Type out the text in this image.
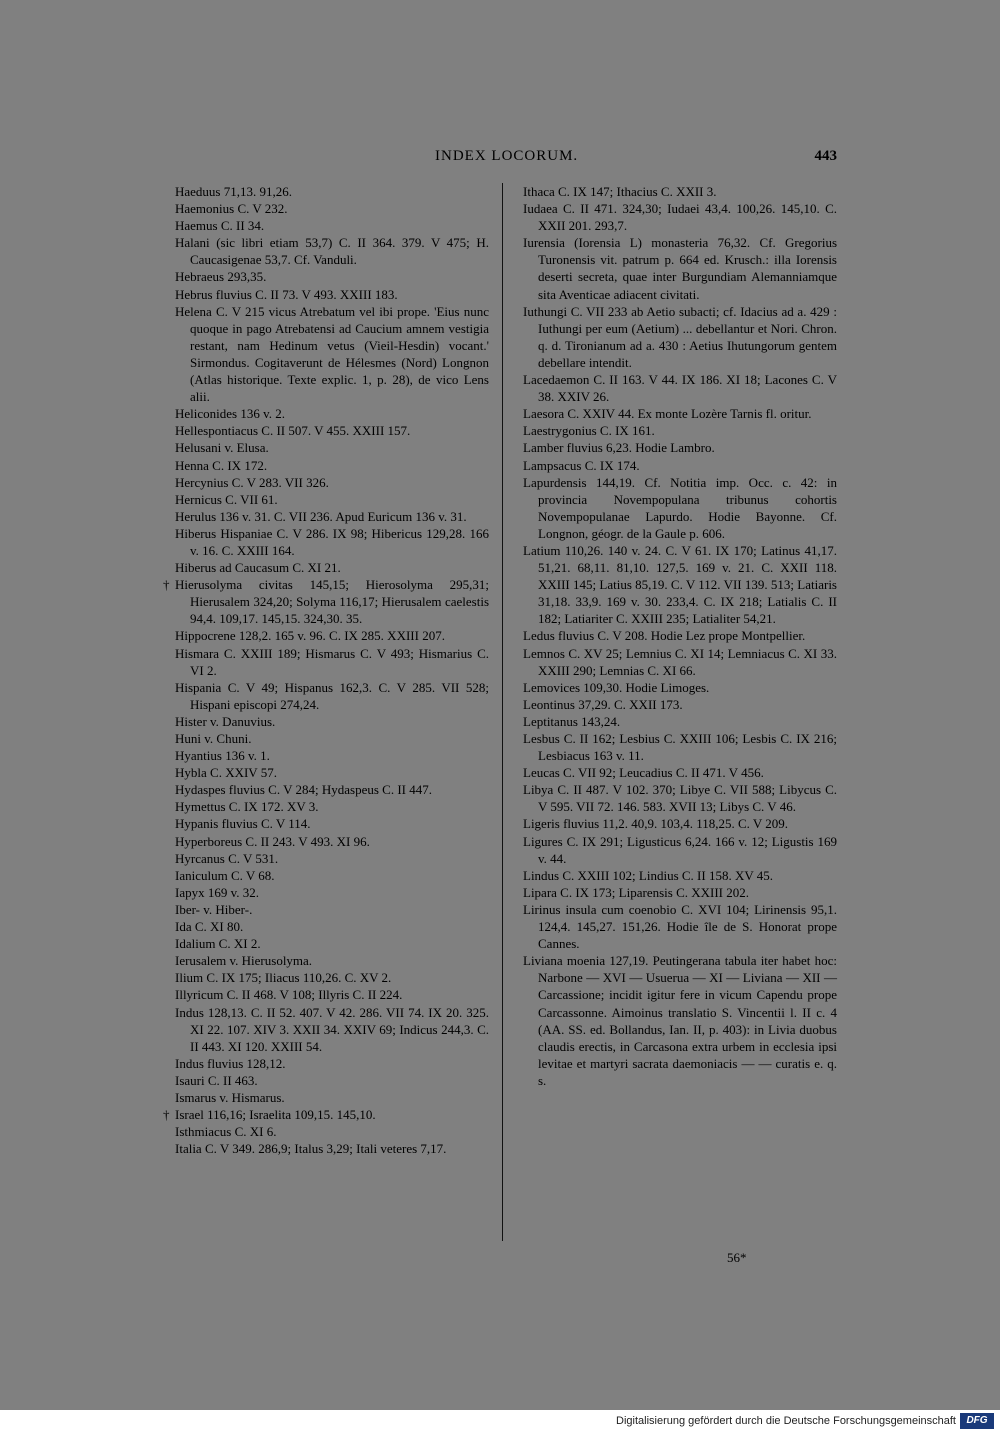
INDEX LOCORUM.	443

Haeduus 71,13. 91,26.

Haemonius C. V 232.

Haemus C. II 34.

Halani (sic libri etiam 53,7) C. II 364. 379. V 475; H. Caucasigenae 53,7. Cf. Vanduli.

Hebraeus 293,35.

Hebrus fluvius C. II 73. V 493. XXIII 183.

Helena C. V 215 vicus Atrebatum vel ibi prope. 'Eius nunc quoque in pago Atrebatensi ad Caucium amnem vestigia restant, nam Hedinum vetus (Vieil-Hesdin) vocant.' Sirmondus. Cogitaverunt de Hélesmes (Nord) Longnon (Atlas historique. Texte explic. 1, p. 28), de vico Lens alii.

Heliconides 136 v. 2.

Hellespontiacus C. II 507. V 455. XXIII 157.

Helusani v. Elusa.

Henna C. IX 172.

Hercynius C. V 283. VII 326.

Hernicus C. VII 61.

Herulus 136 v. 31. C. VII 236. Apud Euricum 136 v. 31.

Hiberus Hispaniae C. V 286. IX 98; Hibericus 129,28. 166 v. 16. C. XXIII 164.

Hiberus ad Caucasum C. XI 21.

† Hierusolyma civitas 145,15; Hierosolyma 295,31; Hierusalem 324,20; Solyma 116,17; Hierusalem caelestis 94,4. 109,17. 145,15. 324,30. 35.

Hippocrene 128,2. 165 v. 96. C. IX 285. XXIII 207.

Hismara C. XXIII 189; Hismarus C. V 493; Hismarius C. VI 2.

Hispania C. V 49; Hispanus 162,3. C. V 285. VII 528; Hispani episcopi 274,24.

Hister v. Danuvius.

Huni v. Chuni.

Hyantius 136 v. 1.

Hybla C. XXIV 57.

Hydaspes fluvius C. V 284; Hydaspeus C. II 447.

Hymettus C. IX 172. XV 3.

Hypanis fluvius C. V 114.

Hyperboreus C. II 243. V 493. XI 96.

Hyrcanus C. V 531.

Ianiculum C. V 68.

Iapyx 169 v. 32.

Iber- v. Hiber-.

Ida C. XI 80.

Idalium C. XI 2.

Ierusalem v. Hierusolyma.

Ilium C. IX 175; Iliacus 110,26. C. XV 2.

Illyricum C. II 468. V 108; Illyris C. II 224.

Indus 128,13. C. II 52. 407. V 42. 286. VII 74. IX 20. 325. XI 22. 107. XIV 3. XXII 34. XXIV 69; Indicus 244,3. C. II 443. XI 120. XXIII 54.

Indus fluvius 128,12.

Isauri C. II 463.

Ismarus v. Hismarus.

† Israel 116,16; Israelita 109,15. 145,10.

Isthmiacus C. XI 6.

Italia C. V 349. 286,9; Italus 3,29; Itali veteres 7,17.

Ithaca C. IX 147; Ithacius C. XXII 3.

Iudaea C. II 471. 324,30; Iudaei 43,4. 100,26. 145,10. C. XXII 201. 293,7.

Iurensia (Iorensia L) monasteria 76,32. Cf. Gregorius Turonensis vit. patrum p. 664 ed. Krusch.: illa Iorensis deserti secreta, quae inter Burgundiam Alemanniamque sita Aventicae adiacent civitati.

Iuthungi C. VII 233 ab Aetio subacti; cf. Idacius ad a. 429 : Iuthungi per eum (Aetium) ... debellantur et Nori. Chron. q. d. Tironianum ad a. 430 : Aetius Ihutungorum gentem debellare intendit.

Lacedaemon C. II 163. V 44. IX 186. XI 18; Lacones C. V 38. XXIV 26.

Laesora C. XXIV 44. Ex monte Lozère Tarnis fl. oritur.

Laestrygonius C. IX 161.

Lamber fluvius 6,23. Hodie Lambro.

Lampsacus C. IX 174.

Lapurdensis 144,19. Cf. Notitia imp. Occ. c. 42: in provincia Novempopulana tribunus cohortis Novempopulanae Lapurdo. Hodie Bayonne. Cf. Longnon, géogr. de la Gaule p. 606.

Latium 110,26. 140 v. 24. C. V 61. IX 170; Latinus 41,17. 51,21. 68,11. 81,10. 127,5. 169 v. 21. C. XXII 118. XXIII 145; Latius 85,19. C. V 112. VII 139. 513; Latiaris 31,18. 33,9. 169 v. 30. 233,4. C. IX 218; Latialis C. II 182; Latiariter C. XXIII 235; Latialiter 54,21.

Ledus fluvius C. V 208. Hodie Lez prope Montpellier.

Lemnos C. XV 25; Lemnius C. XI 14; Lemniacus C. XI 33. XXIII 290; Lemnias C. XI 66.

Lemovices 109,30. Hodie Limoges.

Leontinus 37,29. C. XXII 173.

Leptitanus 143,24.

Lesbus C. II 162; Lesbius C. XXIII 106; Lesbis C. IX 216; Lesbiacus 163 v. 11.

Leucas C. VII 92; Leucadius C. II 471. V 456.

Libya C. II 487. V 102. 370; Libye C. VII 588; Libycus C. V 595. VII 72. 146. 583. XVII 13; Libys C. V 46.

Ligeris fluvius 11,2. 40,9. 103,4. 118,25. C. V 209.

Ligures C. IX 291; Ligusticus 6,24. 166 v. 12; Ligustis 169 v. 44.

Lindus C. XXIII 102; Lindius C. II 158. XV 45.

Lipara C. IX 173; Liparensis C. XXIII 202.

Lirinus insula cum coenobio C. XVI 104; Lirinensis 95,1. 124,4. 145,27. 151,26. Hodie île de S. Honorat prope Cannes.

Liviana moenia 127,19. Peutingerana tabula iter habet hoc: Narbone — XVI — Usuerua — XI — Liviana — XII — Carcassione; incidit igitur fere in vicum Capendu prope Carcassonne. Aimoinus translatio S. Vincentii l. II c. 4 (AA. SS. ed. Bollandus, Ian. II, p. 403): in Livia duobus claudis erectis, in Carcasona extra urbem in ecclesia ipsi levitae et martyri sacrata daemoniacis — — curatis e. q. s.

56*
Digitalisierung gefördert durch die Deutsche Forschungsgemeinschaft	DFG
